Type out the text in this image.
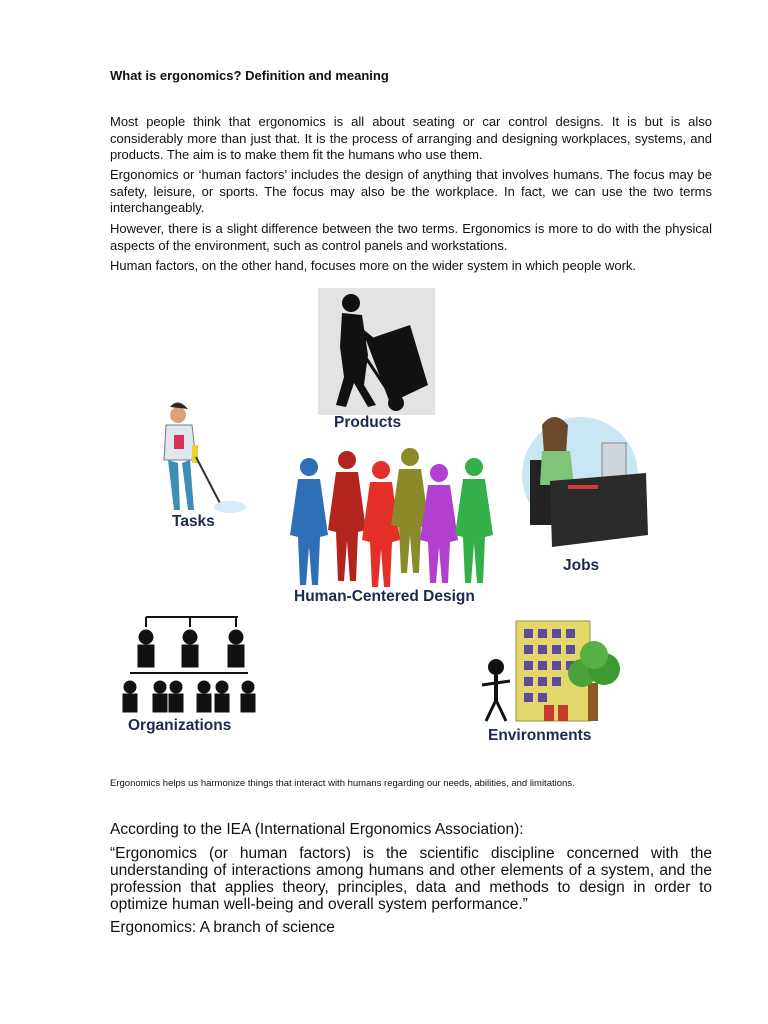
What is ergonomics? Definition and meaning

Most people think that ergonomics is all about seating or car control designs. It is but is also considerably more than just that. It is the process of arranging and designing workplaces, systems, and products. The aim is to make them fit the humans who use them.

Ergonomics or ‘human factors’ includes the design of anything that involves humans. The focus may be safety, leisure, or sports. The focus may also be the workplace. In fact, we can use the two terms interchangeably.

However, there is a slight difference between the two terms. Ergonomics is more to do with the physical aspects of the environment, such as control panels and workstations.

Human factors, on the other hand, focuses more on the wider system in which people work.

Products
Tasks
Jobs
Human-Centered Design
Organizations
Environments
Ergonomics helps us harmonize things that interact with humans regarding our needs, abilities, and limitations.

According to the IEA (International Ergonomics Association):

“Ergonomics (or human factors) is the scientific discipline concerned with the understanding of interactions among humans and other elements of a system, and the profession that applies theory, principles, data and methods to design in order to optimize human well-being and overall system performance.”

Ergonomics: A branch of science
